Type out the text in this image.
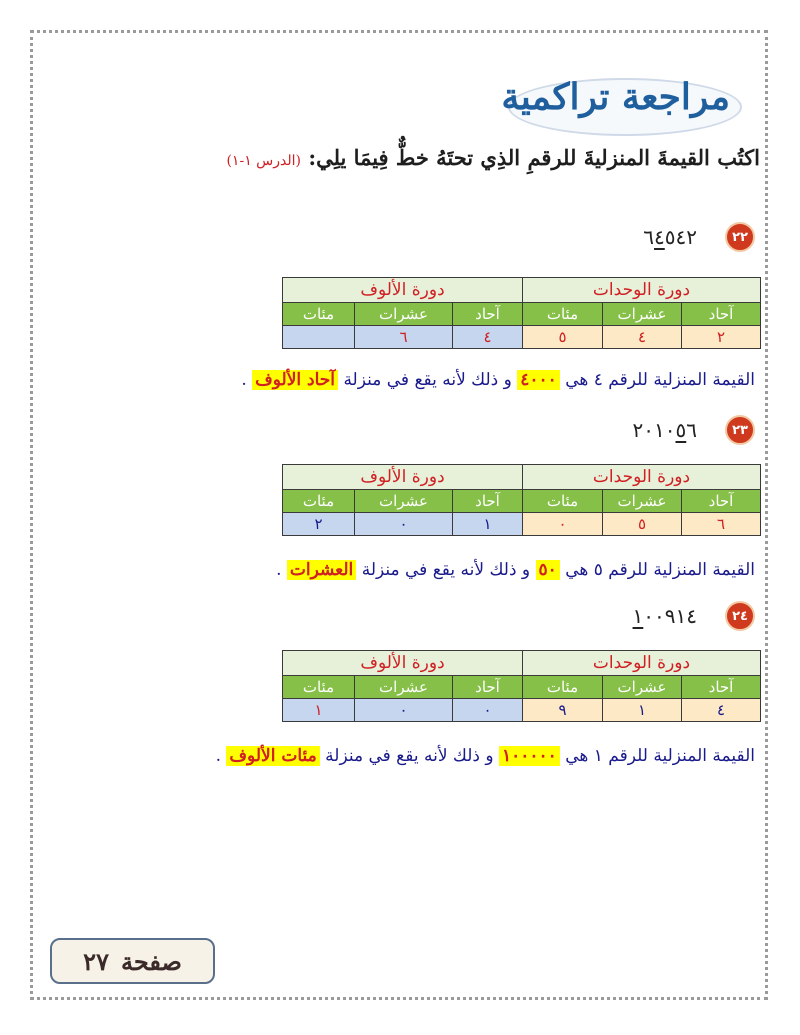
مراجعة تراكمية
اكتُب القيمةَ المنزليةَ للرقمِ الذِي تحتَهُ خطٌّ فِيمَا يلِي: (الدرس ١-١)
٢٢
٦٤٥٤٢
دورة الوحدات			دورة الألوف		
آحاد	عشرات	مئات	آحاد	عشرات	مئات
٢	٤	٥	٤	٦	
القيمة المنزلية للرقم ٤ هي ٤٠٠٠ و ذلك لأنه يقع في منزلة آحاد الألوف .
٢٣
٢٠١٠٥٦
دورة الوحدات			دورة الألوف		
آحاد	عشرات	مئات	آحاد	عشرات	مئات
٦	٥	٠	١	٠	٢
القيمة المنزلية للرقم ٥ هي ٥٠ و ذلك لأنه يقع في منزلة العشرات .
٢٤
١٠٠٩١٤
دورة الوحدات			دورة الألوف		
آحاد	عشرات	مئات	آحاد	عشرات	مئات
٤	١	٩	٠	٠	١
القيمة المنزلية للرقم ١ هي ١٠٠٠٠٠ و ذلك لأنه يقع في منزلة مئات الألوف .
صفحة
٢٧
